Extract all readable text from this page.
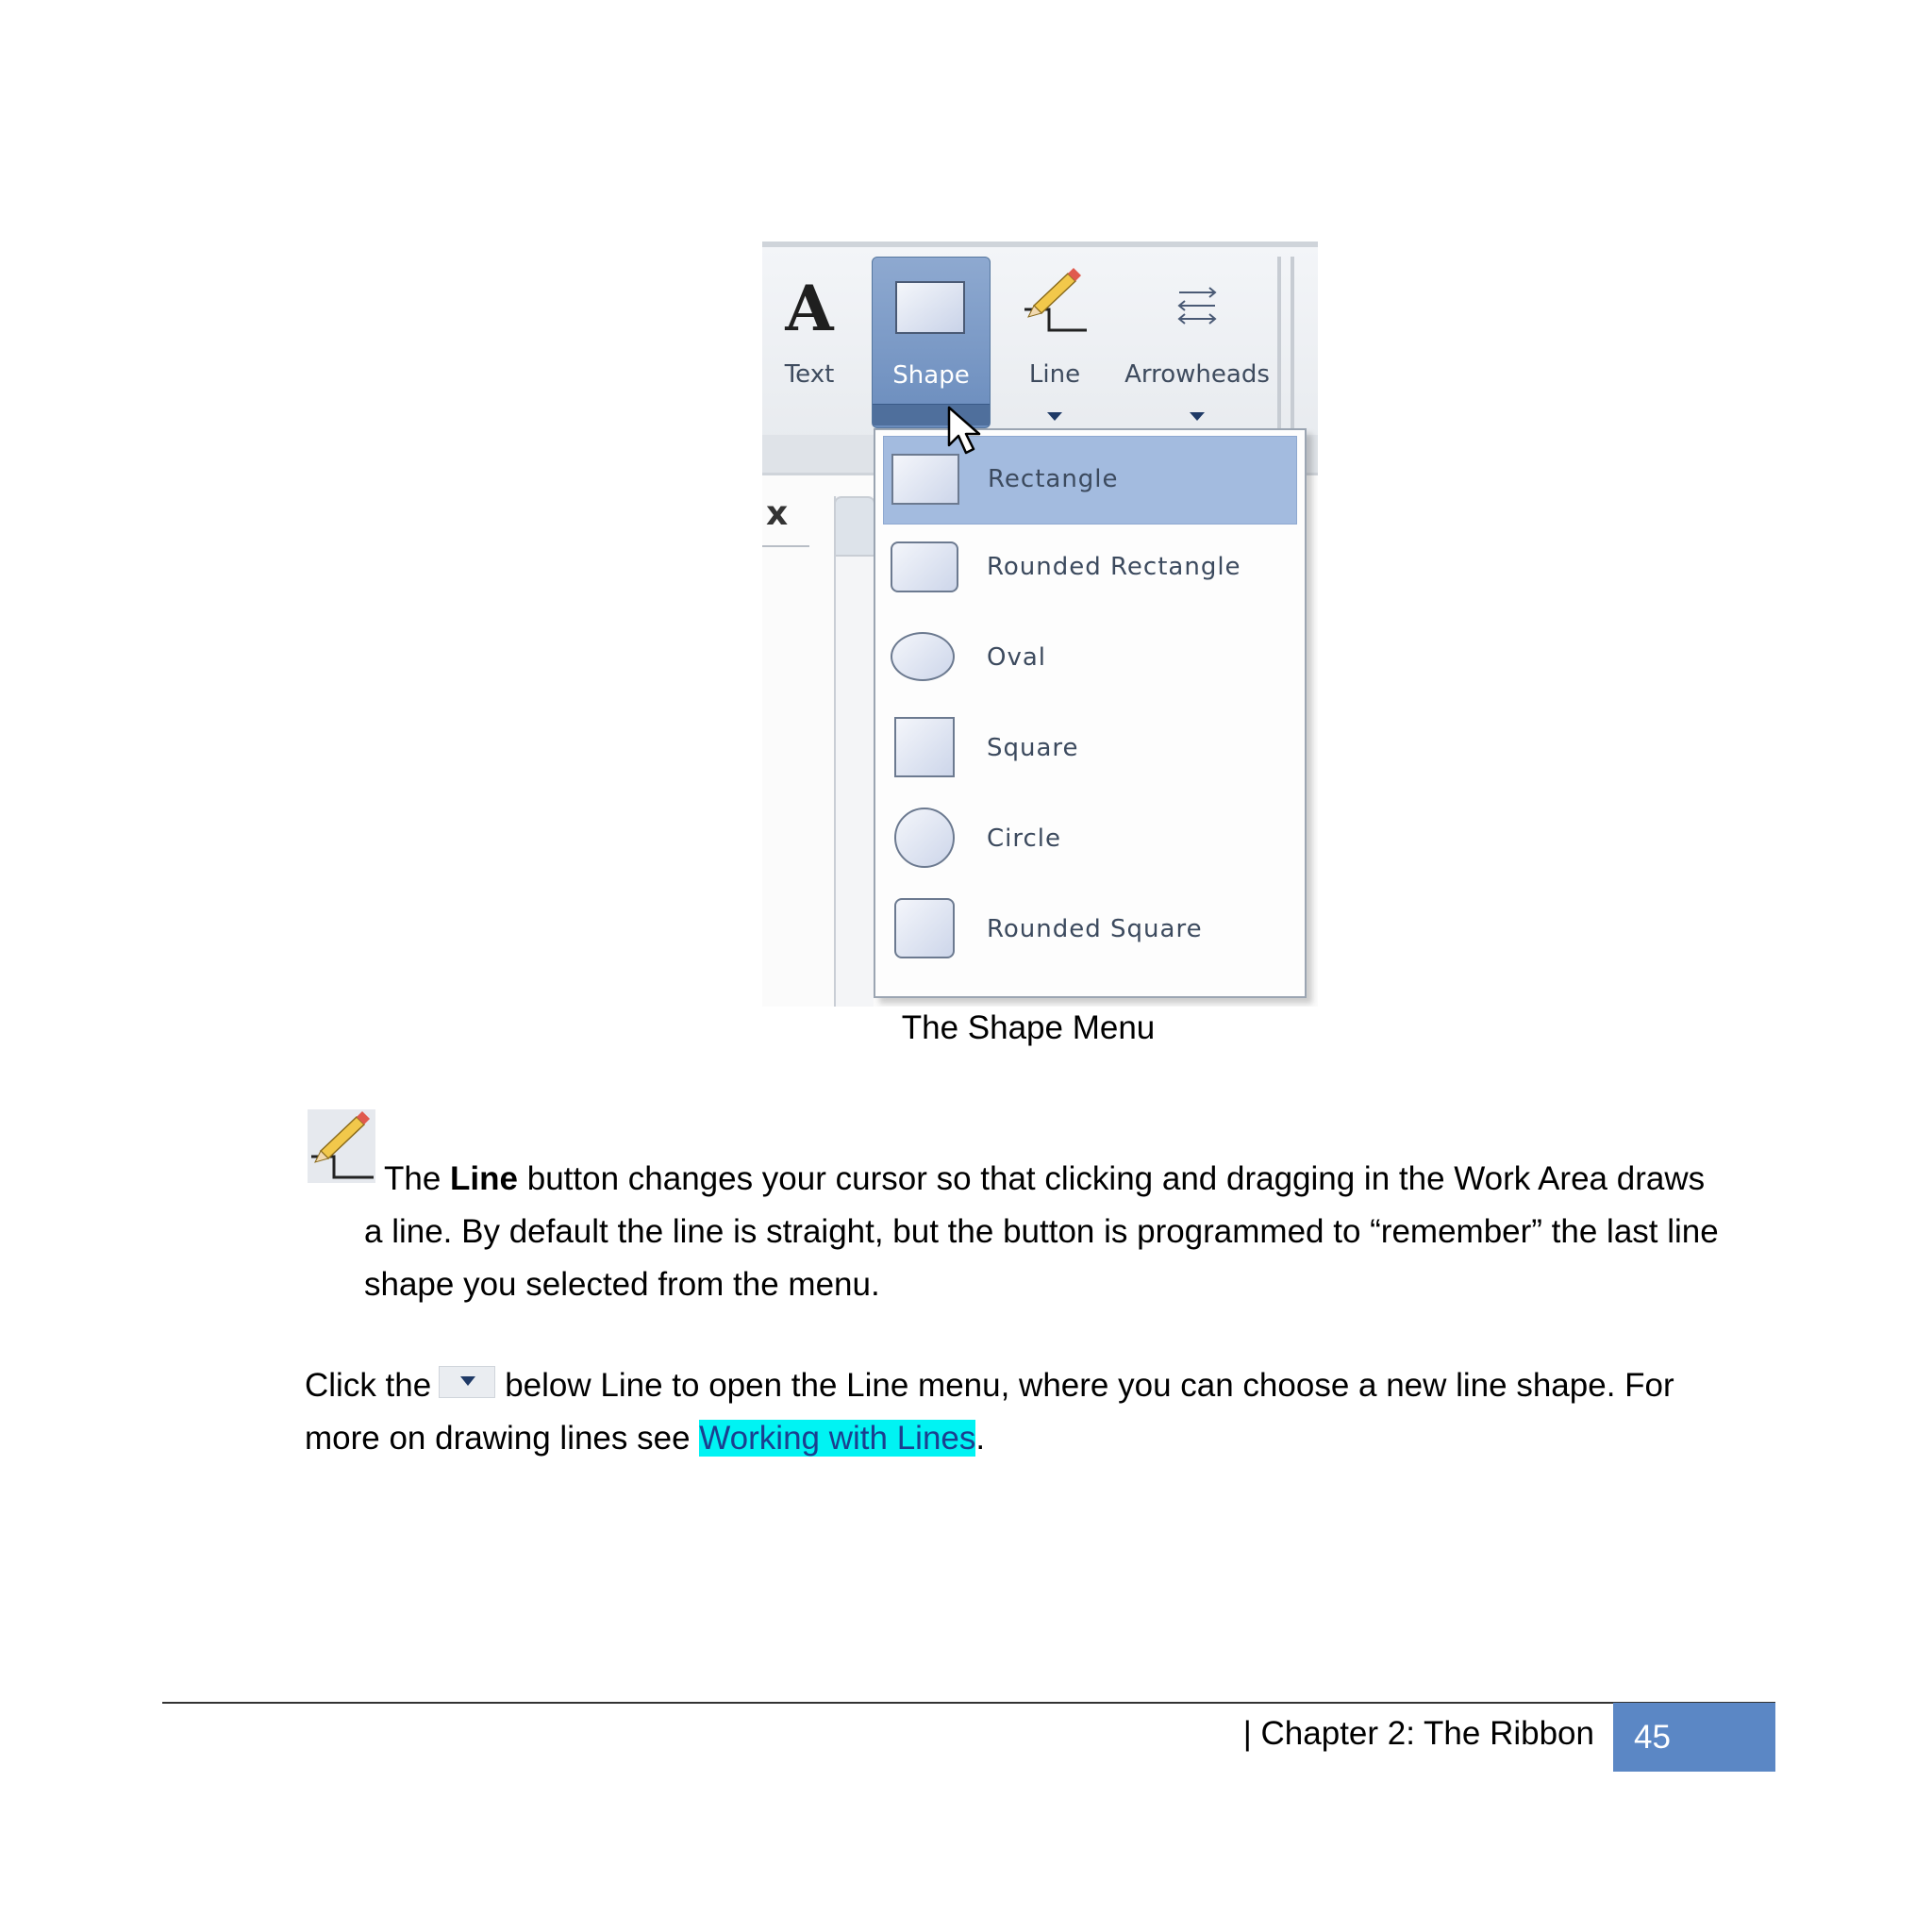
A
Text	Shape	Line	Arrowheads
x
Rectangle
Rounded Rectangle
Oval
Square
Circle
Rounded Square
The Shape Menu
The Line button changes your cursor so that clicking and dragging in the Work Area draws
a line. By default the line is straight, but the button is programmed to “remember” the last line shape you selected from the menu.
Click the below Line to open the Line menu, where you can choose a new line shape. For more on drawing lines see Working with Lines.
| Chapter 2: The Ribbon	45
